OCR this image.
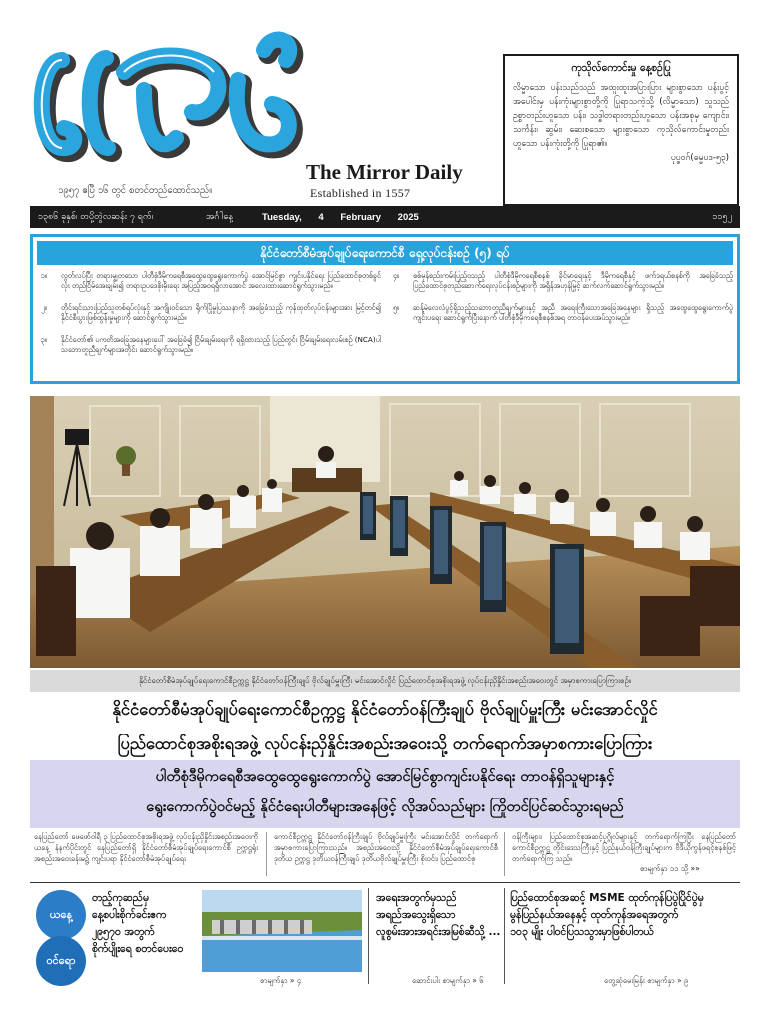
The Mirror Daily
Established in 1557
၁၉၅၇ ဧပြီ ၁၆ တွင် စတင်တည်ထောင်သည်။
ကုသိုလ်ကောင်းမှု နေ့စဉ်ပြု
လိမ္မာသော ပန်းသည်သည် အထူးထူးအပြားပြား များစွာသော ပန်းပွင့်အပေါင်းမှ ပန်းကုံးများစွာတို့ကို ပြုရာသကဲ့သို့ (လိမ္မာသော) သူသည် ဥစ္စာတည်းဟူသော ပန်း၊ သဒ္ဓါတရားတည်းဟူသော ပန်းအစုမှ ကျောင်း၊ သင်္ကန်း၊ ဆွမ်း၊ ဆေးစသော များစွာသော ကုသိုလ်ကောင်းမှုတည်းဟူသော ပန်းကုံးတို့ကို ပြုရာ၏။
ပုပ္ဖဝဂ်(ဓမ္မပဒ-၅၃)
၁၃၈၆ ခုနှစ်၊ တပို့တွဲလဆန်း ၇ ရက်၊	အင်္ဂါနေ့	Tuesday, 4 February 2025	၁၁၅၂
နိုင်ငံတော်စီမံအုပ်ချုပ်ရေးကောင်စီ ရှေ့လုပ်ငန်းစဉ် (၅) ရပ်
၁။	လွတ်လပ်ပြီး တရားမျှတသော ပါတီစုံဒီမိုကရေစီအထွေထွေရွေးကောက်ပွဲ အောင်မြင်စွာ ကျင်းပနိုင်ရေး ပြည်ထောင်စုတစ်ခွင်လုံး တည်ငြိမ်အေးချမ်း၍ တရားဥပဒေစိုးမိုးရေး အပြည့်အဝရရှိလာအောင် အလေးထားဆောင်ရွက်သွားမည်။
၂။	တိုင်းရင်းသားပြည်သူတစ်ရပ်လုံးနှင့် အကျိုးဝင်သော ရိုက်ပြိုမှုပြဿနာကို အခြေခံသည့် ကုန်ထုတ်လုပ်ငန်းများအား မြင့်တင်၍ နိုင်ငံစီးပွားဖြစ်ထွန်းမှုများကို ဆောင်ရွက်သွားမည်။
၃။	နိုင်ငံတော်၏ ပကတိအခြေအနေများပေါ် အခြေခံ၍ ငြိမ်းချမ်းရေးကို ရရှိထားသည့် ပြည်တွင်း ငြိမ်းချမ်းရေးလမ်းစဉ် (NCA)ပါ သဘောတူညီချက်များအတိုင်း ဆောင်ရွက်သွားမည်။
၄။	စစ်မှန်စည်းကမ်းပြည့်ဝသည့် ပါတီစုံဒီမိုကရေစီစနစ် ခိုင်မာရေးနှင့် ဒီမိုကရေစီနှင့် ဖက်ဒရယ်စနစ်ကို အခြေခံသည့် ပြည်ထောင်စုတည်ဆောက်ရေးလုပ်ငန်းစဉ်များကို အရှိန်အဟုန်မြှင့် ဆက်လက်ဆောင်ရွက်သွားမည်။
၅။	ဆန့်မဲလေလံပွင့်ရှိသည့်သဘောတူညီချက်များနှင့် အညီ အရေးကြီးသောအခြေအနေများ ရှိသည့် အထွေထွေရွေးကောက်ပွဲ ကျင်းပရေး ဆောင်ရွက်ပြီးနောက် ပါတီစုံဒီမိုကရေစီစနစ်အရ တာဝန်ပေးအပ်သွားမည်။
နိုင်ငံတော်စီမံအုပ်ချုပ်ရေးကောင်စီဥက္ကဋ္ဌ နိုင်ငံတော်ဝန်ကြီးချုပ် ဗိုလ်ချုပ်မှူးကြီး မင်းအောင်လှိုင် ပြည်ထောင်စုအစိုးရအဖွဲ့ လုပ်ငန်းညှိနှိုင်းအစည်းအဝေးတွင် အမှာစကားပြောကြားစဉ်။
နိုင်ငံတော်စီမံအုပ်ချုပ်ရေးကောင်စီဥက္ကဋ္ဌ နိုင်ငံတော်ဝန်ကြီးချုပ် ဗိုလ်ချုပ်မှူးကြီး မင်းအောင်လှိုင်
ပြည်ထောင်စုအစိုးရအဖွဲ့ လုပ်ငန်းညှိနှိုင်းအစည်းအဝေးသို့ တက်ရောက်အမှာစကားပြောကြား
ပါတီစုံဒီမိုကရေစီအထွေထွေရွေးကောက်ပွဲ အောင်မြင်စွာကျင်းပနိုင်ရေး တာဝန်ရှိသူများနှင့်
ရွေးကောက်ပွဲဝင်မည့် နိုင်ငံရေးပါတီများအနေဖြင့် လိုအပ်သည်များ ကြိုတင်ပြင်ဆင်သွားရမည်
နေပြည်တော် ဖေဖော်ဝါရီ ၃ ပြည်ထောင်စုအစိုးရအဖွဲ့ လုပ်ငန်းညှိနှိုင်းအစည်းအဝေးကို ယနေ့ နံနက်ပိုင်းတွင် နေပြည်တော်ရှိ နိုင်ငံတော်စီမံအုပ်ချုပ်ရေးကောင်စီ ဥက္ကဋ္ဌရုံး အစည်းအဝေးခန်းမ၌ ကျင်းပရာ နိုင်ငံတော်စီမံအုပ်ချုပ်ရေး
ကောင်စီဥက္ကဋ္ဌ နိုင်ငံတော်ဝန်ကြီးချုပ် ဗိုလ်ချုပ်မှူးကြီး မင်းအောင်လှိုင် တက်ရောက်အမှာစကားပြောကြားသည်။ အစည်းအဝေးသို့ နိုင်ငံတော်စီမံအုပ်ချုပ်ရေးကောင်စီ ဒုတိယ ဥက္ကဋ္ဌ ဒုတိယဝန်ကြီးချုပ် ဒုတိယဗိုလ်ချုပ်မှူးကြီး စိုးဝင်း၊ ပြည်ထောင်စု
ဝန်ကြီးများ၊ ပြည်ထောင်စုအဆင့်ပုဂ္ဂိုလ်များနှင့် တက်ရောက်ကြပြီး နေပြည်တော်ကောင်စီဥက္ကဋ္ဌ တိုင်းဒေသကြီးနှင့် ပြည်နယ်ဝန်ကြီးချုပ်များက ဗီဒီယိုကွန်ဖရင့်စနစ်ဖြင့် တက်ရောက်ကြ သည်။
စာမျက်နှာ ၁၁ သို့ »»
ယနေ့
ဝင်ရော
တည့်ကုဆည်မှ
နေ့စပါးစိုက်ခင်းဧက
၂၉၅၇၀ အတွက်
စိုက်ပျိုးရေ စတင်ပေးဝေ
စာမျက်နှာ » ၄
အရေးအတွက်မှသည်
အရည်အသွေးရှိသော
လူစွမ်းအားအရင်းအမြစ်ဆီသို့ ...
ဆောင်းပါး စာမျက်နှာ » ၆
ပြည်ထောင်စုအဆင့် MSME ထုတ်ကုန်ပြပွဲပြိုင်ပွဲမှ
မွန်ပြည်နယ်အနေနှင့် ထုတ်ကုန်အရေအတွက်
၁၀၃ မျိုး ပါဝင်ပြသသွားမှာဖြစ်ပါတယ်
တွေ့ဆုံမေးမြန်း စာမျက်နှာ » ၉
